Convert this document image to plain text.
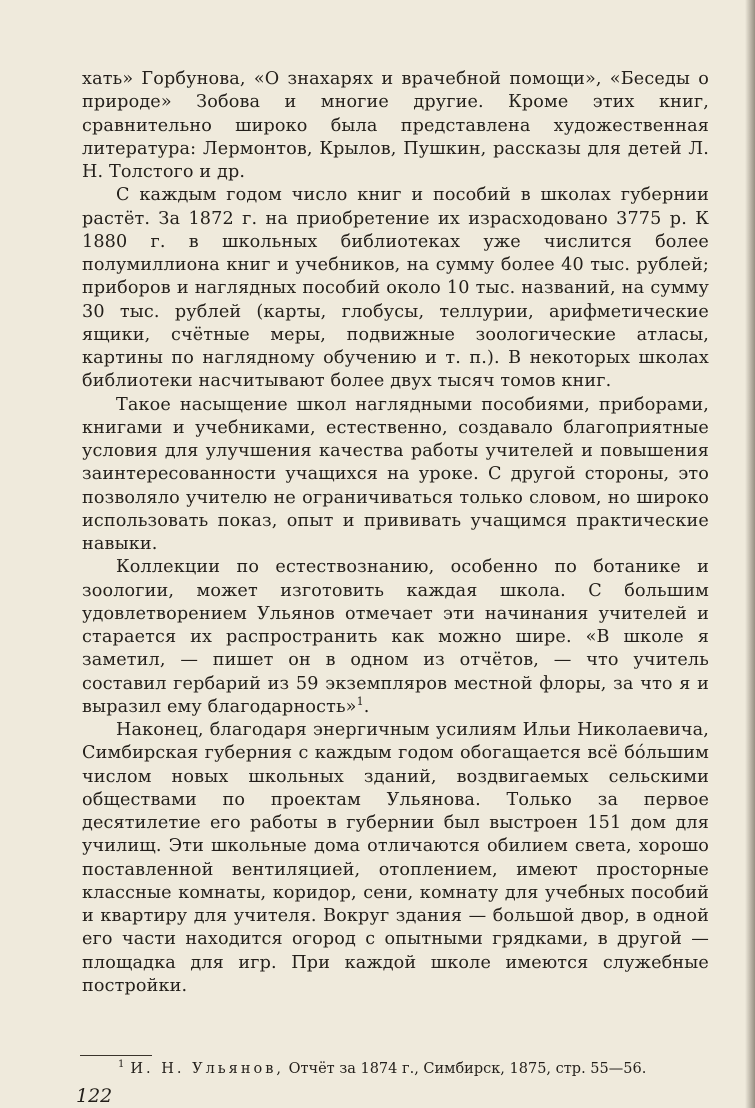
хать» Горбунова, «О знахарях и врачебной помощи», «Беседы о природе» Зобова и многие другие. Кроме этих книг, сравнительно широко была представлена художественная литература: Лермонтов, Крылов, Пушкин, рассказы для детей Л. Н. Толстого и др.

С каждым годом число книг и пособий в школах губернии растёт. За 1872 г. на приобретение их израсходовано 3775 р. К 1880 г. в школьных библиотеках уже числится более полумиллиона книг и учебников, на сумму более 40 тыс. рублей; приборов и наглядных пособий около 10 тыс. названий, на сумму 30 тыс. рублей (карты, глобусы, теллурии, арифметические ящики, счётные меры, подвижные зоологические атласы, картины по наглядному обучению и т. п.). В некоторых школах библиотеки насчитывают более двух тысяч томов книг.

Такое насыщение школ наглядными пособиями, приборами, книгами и учебниками, естественно, создавало благоприятные условия для улучшения качества работы учителей и повышения заинтересованности учащихся на уроке. С другой стороны, это позволяло учителю не ограничиваться только словом, но широко использовать показ, опыт и прививать учащимся практические навыки.

Коллекции по естествознанию, особенно по ботанике и зоологии, может изготовить каждая школа. С большим удовлетворением Ульянов отмечает эти начинания учителей и старается их распространить как можно шире. «В школе я заметил, — пишет он в одном из отчётов, — что учитель составил гербарий из 59 экземпляров местной флоры, за что я и выразил ему благодарность»$^1$.

Наконец, благодаря энергичным усилиям Ильи Николаевича, Симбирская губерния с каждым годом обогащается всё бóльшим числом новых школьных зданий, воздвигаемых сельскими обществами по проектам Ульянова. Только за первое десятилетие его работы в губернии был выстроен 151 дом для училищ. Эти школьные дома отличаются обилием света, хорошо поставленной вентиляцией, отоплением, имеют просторные классные комнаты, коридор, сени, комнату для учебных пособий и квартиру для учителя. Вокруг здания — большой двор, в одной его части находится огород с опытными грядками, в другой — площадка для игр. При каждой школе имеются служебные постройки.

$^1$ И. Н. Ульянов, Отчёт за 1874 г., Симбирск, 1875, стр. 55—56.
122
